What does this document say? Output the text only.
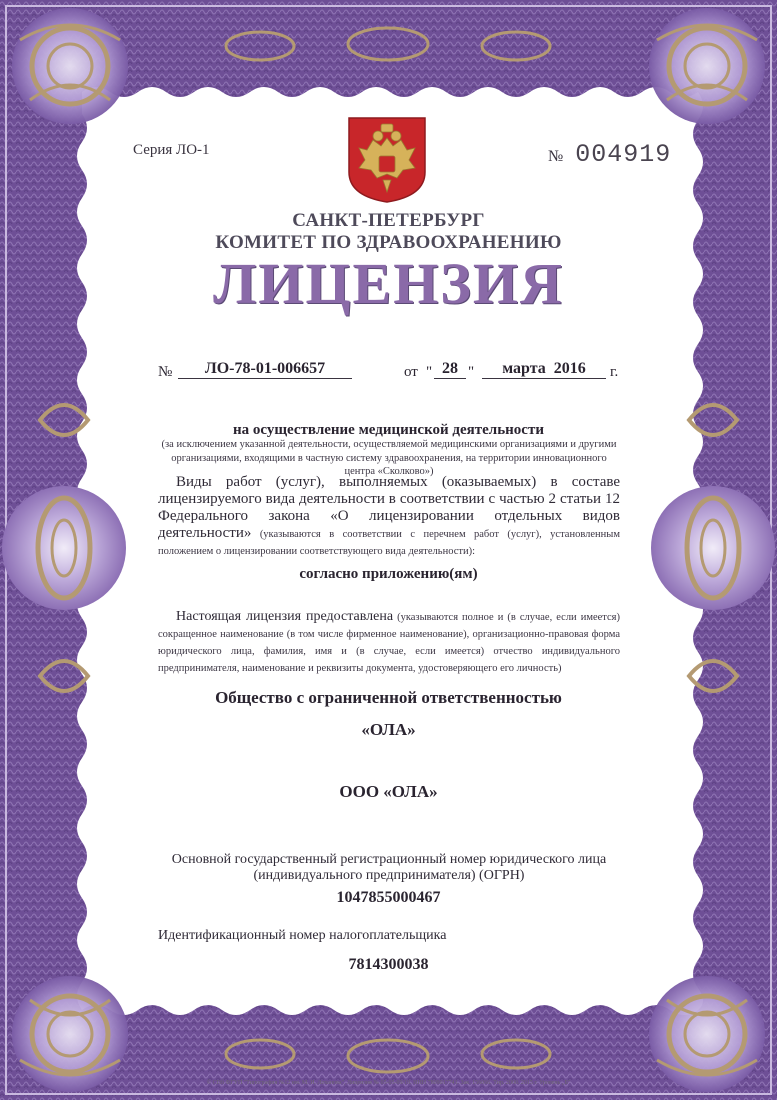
Серия ЛО-1	№ 004919
САНКТ-ПЕТЕРБУРГ
КОМИТЕТ ПО ЗДРАВООХРАНЕНИЮ
ЛИЦЕНЗИЯ
№	ЛО-78-01-006657	от " 28 "	марта 2016	г.
на осуществление медицинской деятельности
(за исключением указанной деятельности, осуществляемой медицинскими организациями и другими организациями, входящими в частную систему здравоохранения, на территории инновационного центра «Сколково»)
Виды работ (услуг), выполняемых (оказываемых) в составе лицензируемого вида деятельности в соответствии с частью 2 статьи 12 Федерального закона «О лицензировании отдельных видов деятельности» (указываются в соответствии с перечнем работ (услуг), установленным положением о лицензировании соответствующего вида деятельности):
согласно приложению(ям)
Настоящая лицензия предоставлена (указываются полное и (в случае, если имеется) сокращенное наименование (в том числе фирменное наименование), организационно-правовая форма юридического лица, фамилия, имя и (в случае, если имеется) отчество индивидуального предпринимателя, наименование и реквизиты документа, удостоверяющего его личность)
Общество с ограниченной ответственностью
«ОЛА»
ООО «ОЛА»
Основной государственный регистрационный номер юридического лица (индивидуального предпринимателя) (ОГРН)
1047855000467
Идентификационный номер налогоплательщика
7814300038
© СПб ФГУП "Типография №12 им. М. И. Лоханова", Лицензия № 05-05-09/19. ИНН 7809017741. Зак. 156066. Тир. 2000. 2015 г. Уровень „Б"
